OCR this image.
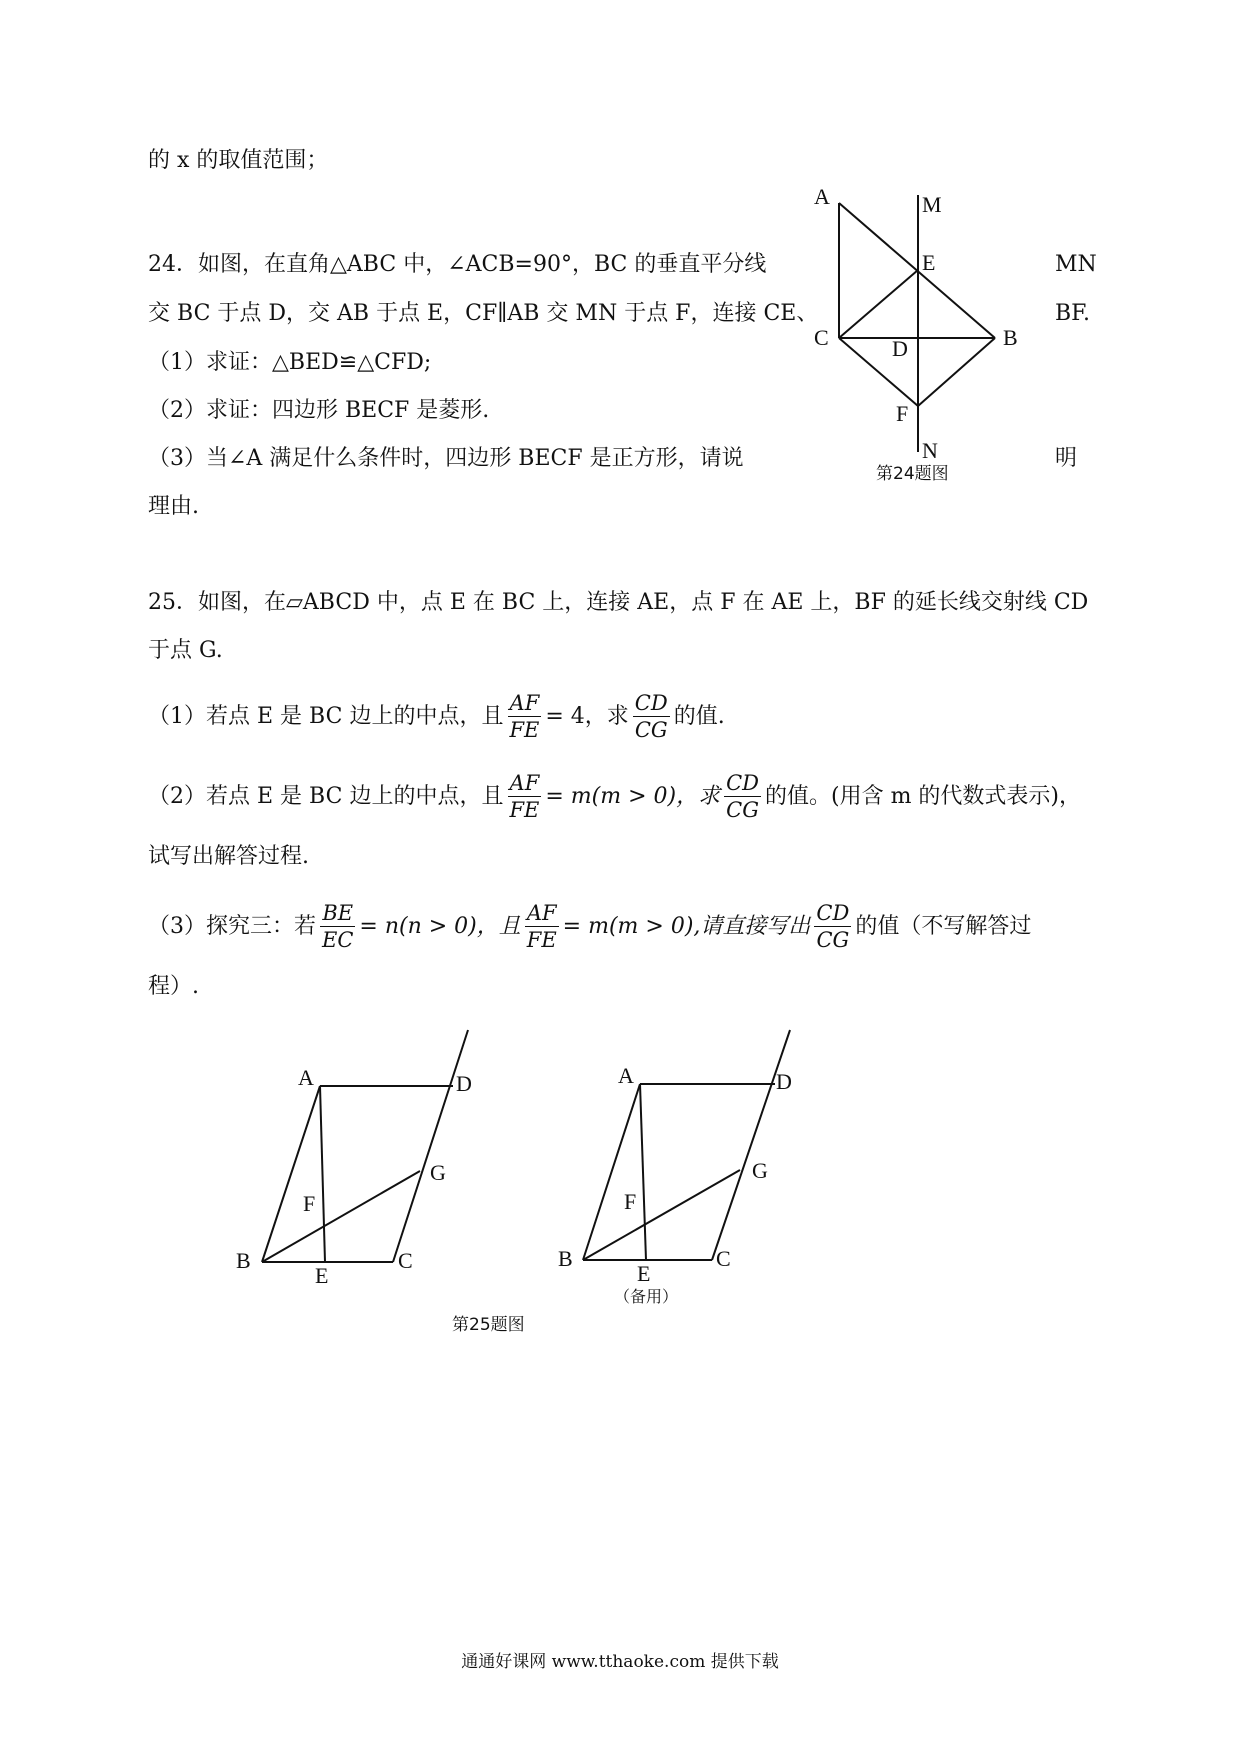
的 x 的取值范围；
24．如图，在直角△ABC 中，∠ACB=90°，BC 的垂直平分线	MN
交 BC 于点 D，交 AB 于点 E，CF∥AB 交 MN 于点 F，连接 CE、	BF.
（1）求证：△BED≌△CFD;
（2）求证：四边形 BECF 是菱形.
（3）当∠A 满足什么条件时，四边形 BECF 是正方形，请说	明
理由.
A	M
E
C	D	B
F
N
第24题图
25．如图，在▱ABCD 中，点 E 在 BC 上，连接 AE，点 F 在 AE 上，BF 的延长线交射线 CD
于点 G.
（1）若点 E 是 BC 边上的中点，且 $\frac{AF}{FE} = 4$，求 $\frac{CD}{CG}$ 的值.
（2）若点 E 是 BC 边上的中点，且 $\frac{AF}{FE} = m(m > 0)$，求 $\frac{CD}{CG}$ 的值。(用含 m 的代数式表示)，
试写出解答过程.
（3）探究三：若 $\frac{BE}{EC} = n(n > 0)$，且 $\frac{AF}{FE} = m(m > 0)$,请直接写出 $\frac{CD}{CG}$ 的值（不写解答过
程）.
A	D
G
F
B
E
C
第25题图
A	D
G
F
B
E
C
（备用）
通通好课网 www.tthaoke.com 提供下载
